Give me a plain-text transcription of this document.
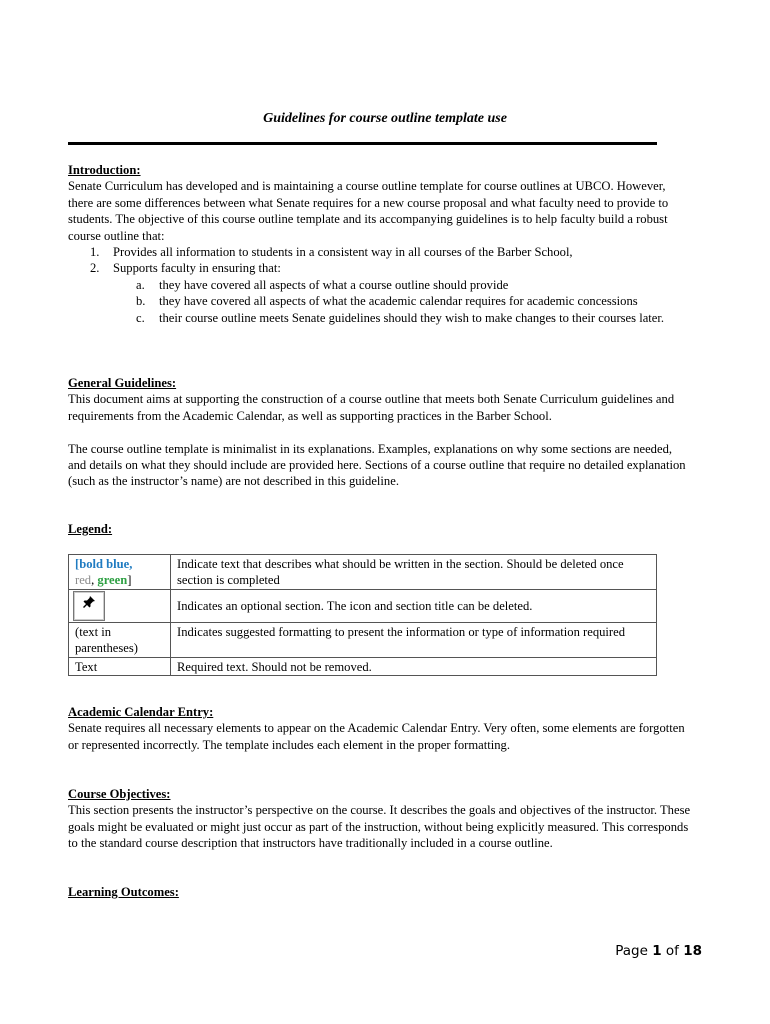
Guidelines for course outline template use

Introduction:

Senate Curriculum has developed and is maintaining a course outline template for course outlines at UBCO. However, there are some differences between what Senate requires for a new course proposal and what faculty need to provide to students. The objective of this course outline template and its accompanying guidelines is to help faculty build a robust course outline that:

1. Provides all information to students in a consistent way in all courses of the Barber School,
2. Supports faculty in ensuring that:
a. they have covered all aspects of what a course outline should provide
b. they have covered all aspects of what the academic calendar requires for academic concessions
c. their course outline meets Senate guidelines should they wish to make changes to their courses later.

General Guidelines:

This document aims at supporting the construction of a course outline that meets both Senate Curriculum guidelines and requirements from the Academic Calendar, as well as supporting practices in the Barber School.

The course outline template is minimalist in its explanations. Examples, explanations on why some sections are needed, and details on what they should include are provided here. Sections of a course outline that require no detailed explanation (such as the instructor’s name) are not described in this guideline.

Legend:

[bold blue,
red, green]	Indicate text that describes what should be written in the section. Should be deleted once section is completed
	Indicates an optional section. The icon and section title can be deleted.
(text in parentheses)	Indicates suggested formatting to present the information or type of information required
Text	Required text. Should not be removed.

Academic Calendar Entry:

Senate requires all necessary elements to appear on the Academic Calendar Entry. Very often, some elements are forgotten or represented incorrectly. The template includes each element in the proper formatting.

Course Objectives:

This section presents the instructor’s perspective on the course. It describes the goals and objectives of the instructor. These goals might be evaluated or might just occur as part of the instruction, without being explicitly measured. This corresponds to the standard course description that instructors have traditionally included in a course outline.

Learning Outcomes:

Page 1 of 18
